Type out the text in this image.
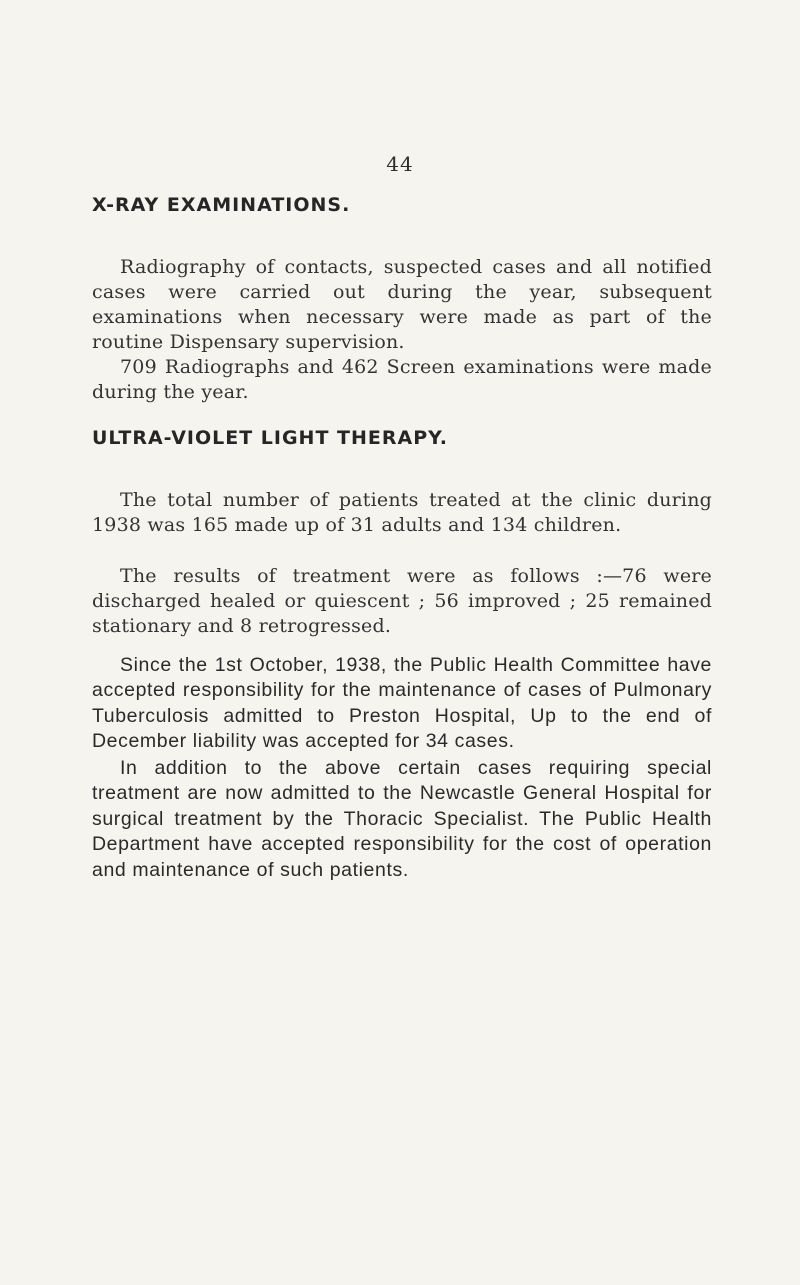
44
X-RAY EXAMINATIONS.

Radiography of contacts, suspected cases and all notified cases were carried out during the year, subsequent examinations when necessary were made as part of the routine Dispensary supervision.

709 Radiographs and 462 Screen examinations were made during the year.

ULTRA-VIOLET LIGHT THERAPY.

The total number of patients treated at the clinic during 1938 was 165 made up of 31 adults and 134 children.

The results of treatment were as follows :—76 were discharged healed or quiescent ; 56 improved ; 25 remained stationary and 8 retrogressed.

Since the 1st October, 1938, the Public Health Committee have accepted responsibility for the maintenance of cases of Pulmonary Tuberculosis admitted to Preston Hospital, Up to the end of December liability was accepted for 34 cases.

In addition to the above certain cases requiring special treatment are now admitted to the Newcastle General Hospital for surgical treatment by the Thoracic Specialist. The Public Health Department have accepted responsibility for the cost of operation and maintenance of such patients.
